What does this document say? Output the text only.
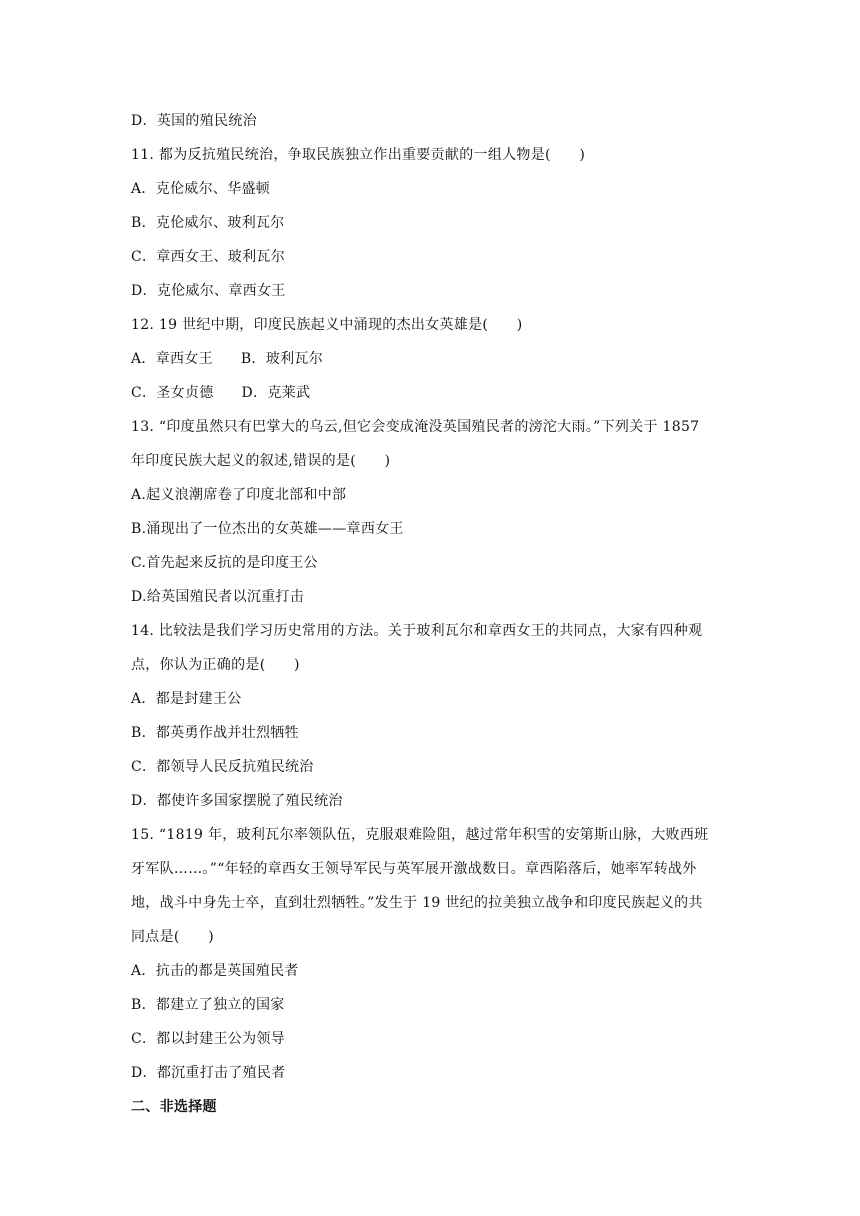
D．英国的殖民统治
11. 都为反抗殖民统治，争取民族独立作出重要贡献的一组人物是(　　)
A．克伦威尔、华盛顿
B．克伦威尔、玻利瓦尔
C．章西女王、玻利瓦尔
D．克伦威尔、章西女王
12. 19 世纪中期，印度民族起义中涌现的杰出女英雄是(　　)
A．章西女王 B．玻利瓦尔
C．圣女贞德 D．克莱武
13. “印度虽然只有巴掌大的乌云,但它会变成淹没英国殖民者的滂沱大雨。”下列关于 1857
年印度民族大起义的叙述,错误的是(　　)
A.起义浪潮席卷了印度北部和中部
B.涌现出了一位杰出的女英雄——章西女王
C.首先起来反抗的是印度王公
D.给英国殖民者以沉重打击
14. 比较法是我们学习历史常用的方法。关于玻利瓦尔和章西女王的共同点，大家有四种观
点，你认为正确的是(　　)
A．都是封建王公
B．都英勇作战并壮烈牺牲
C．都领导人民反抗殖民统治
D．都使许多国家摆脱了殖民统治
15. “1819 年，玻利瓦尔率领队伍，克服艰难险阻，越过常年积雪的安第斯山脉，大败西班
牙军队……。”“年轻的章西女王领导军民与英军展开激战数日。章西陷落后，她率军转战外
地，战斗中身先士卒，直到壮烈牺牲。”发生于 19 世纪的拉美独立战争和印度民族起义的共
同点是(　　)
A．抗击的都是英国殖民者
B．都建立了独立的国家
C．都以封建王公为领导
D．都沉重打击了殖民者
二、非选择题
